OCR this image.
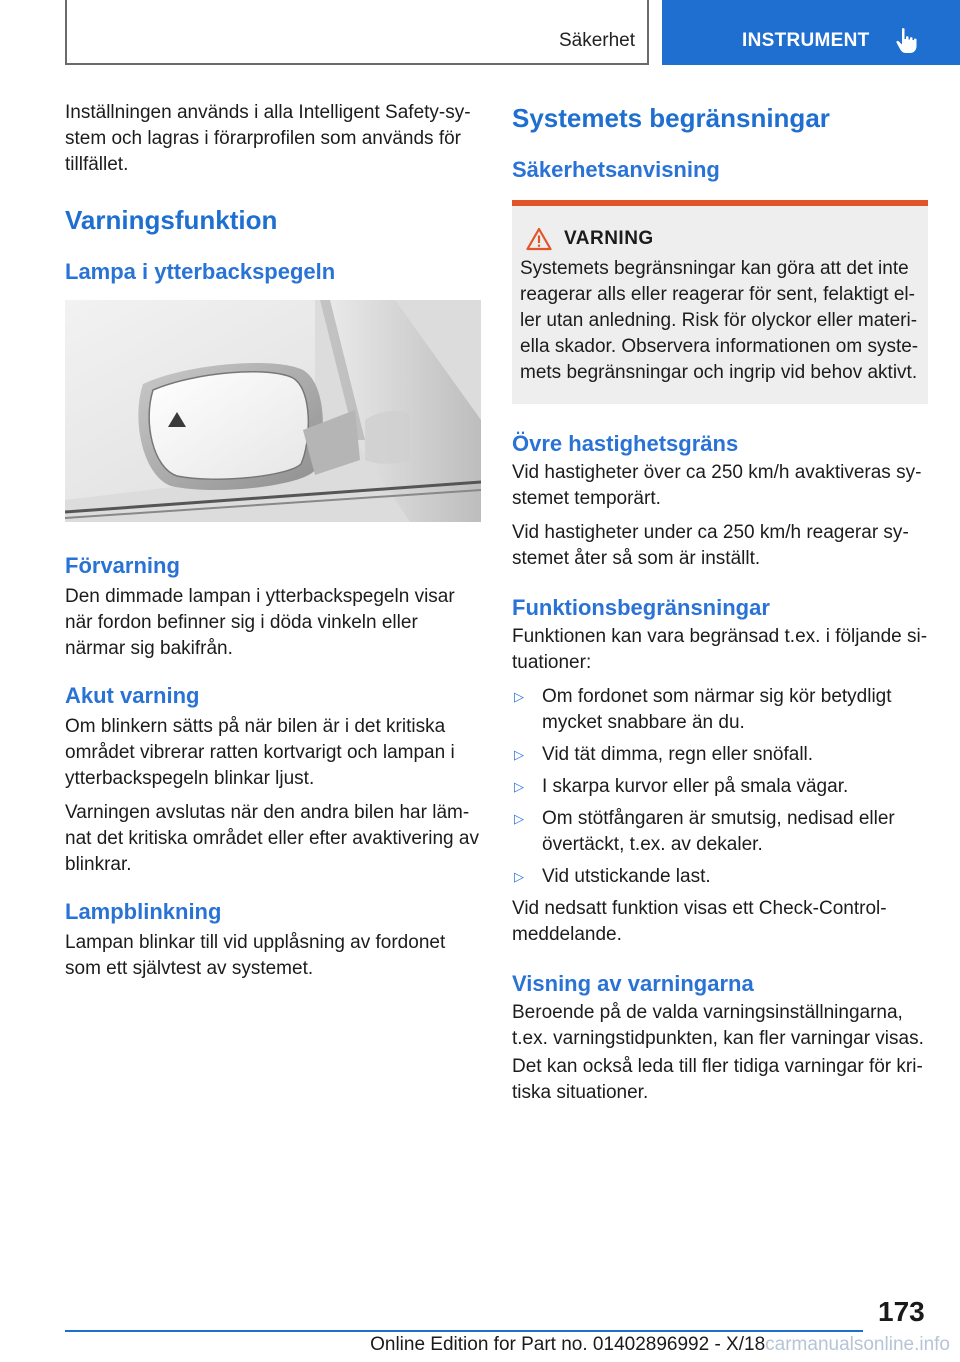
Säkerhet	INSTRUMENT

Inställningen används i alla Intelligent Safety-system och lagras i förarprofilen som används för tillfället.

Varningsfunktion
Lampa i ytterbackspegeln
Förvarning

Den dimmade lampan i ytterbackspegeln visar när fordon befinner sig i döda vinkeln eller närmar sig bakifrån.

Akut varning

Om blinkern sätts på när bilen är i det kritiska området vibrerar ratten kortvarigt och lampan i ytterbackspegeln blinkar ljust.

Varningen avslutas när den andra bilen har lämnat det kritiska området eller efter avaktivering av blinkrar.

Lampblinkning

Lampan blinkar till vid upplåsning av fordonet som ett självtest av systemet.

Systemets begränsningar
Säkerhetsanvisning
VARNING

Systemets begränsningar kan göra att det inte reagerar alls eller reagerar för sent, felaktigt eller utan anledning. Risk för olyckor eller materiella skador. Observera informationen om systemets begränsningar och ingrip vid behov aktivt.

Övre hastighetsgräns

Vid hastigheter över ca 250 km/h avaktiveras systemet temporärt.

Vid hastigheter under ca 250 km/h reagerar systemet åter så som är inställt.

Funktionsbegränsningar

Funktionen kan vara begränsad t.ex. i följande situationer:

▷ Om fordonet som närmar sig kör betydligt mycket snabbare än du.
▷ Vid tät dimma, regn eller snöfall.
▷ I skarpa kurvor eller på smala vägar.
▷ Om stötfångaren är smutsig, nedisad eller övertäckt, t.ex. av dekaler.
▷ Vid utstickande last.

Vid nedsatt funktion visas ett Check-Control-meddelande.

Visning av varningarna

Beroende på de valda varningsinställningarna, t.ex. varningstidpunkten, kan fler varningar visas.

Det kan också leda till fler tidiga varningar för kritiska situationer.

173
Online Edition for Part no. 01402896992 - X/18carmanualsonline.info
